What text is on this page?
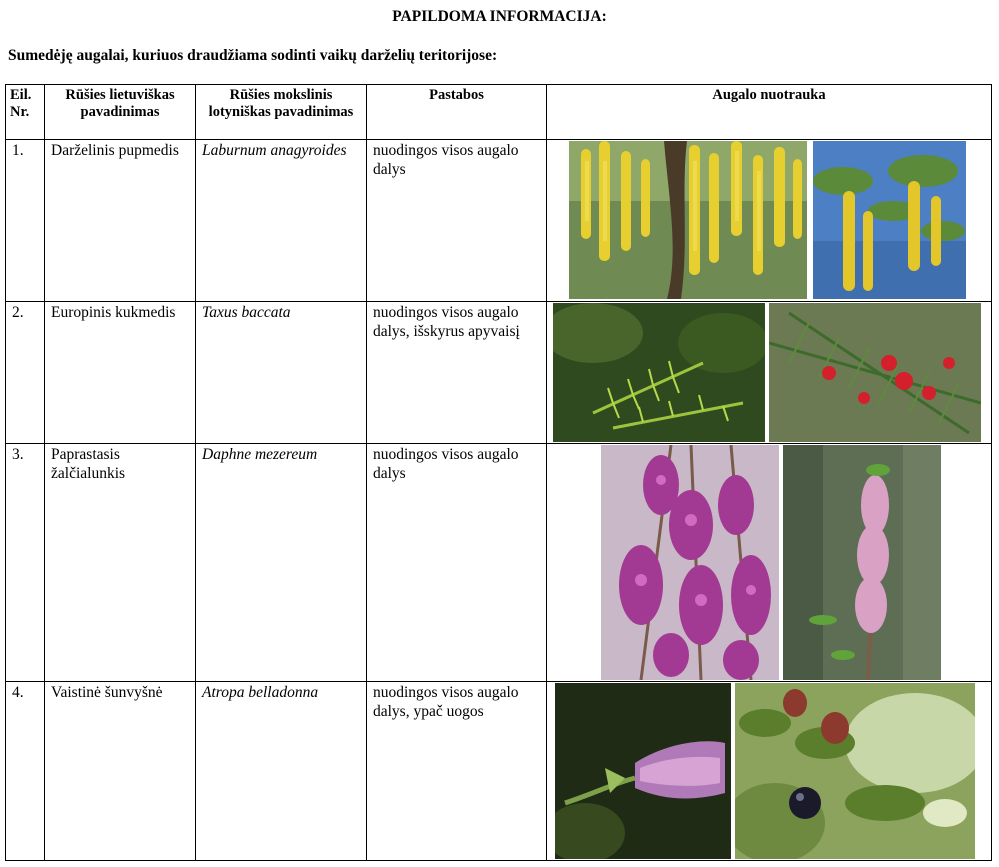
PAPILDOMA INFORMACIJA:
Sumedėję augalai, kuriuos draudžiama sodinti vaikų darželių teritorijose:
Eil. Nr.	Rūšies lietuviškas pavadinimas	Rūšies mokslinis lotyniškas pavadinimas	Pastabos	Augalo nuotrauka
1.	Darželinis pupmedis	Laburnum anagyroides	nuodingos visos augalo dalys	

2.	Europinis kukmedis	Taxus baccata	nuodingos visos augalo dalys, išskyrus apyvaisį	

3.	Paprastasis žalčialunkis	Daphne mezereum	nuodingos visos augalo dalys	

4.	Vaistinė šunvyšnė	Atropa belladonna	nuodingos visos augalo dalys, ypač uogos	
